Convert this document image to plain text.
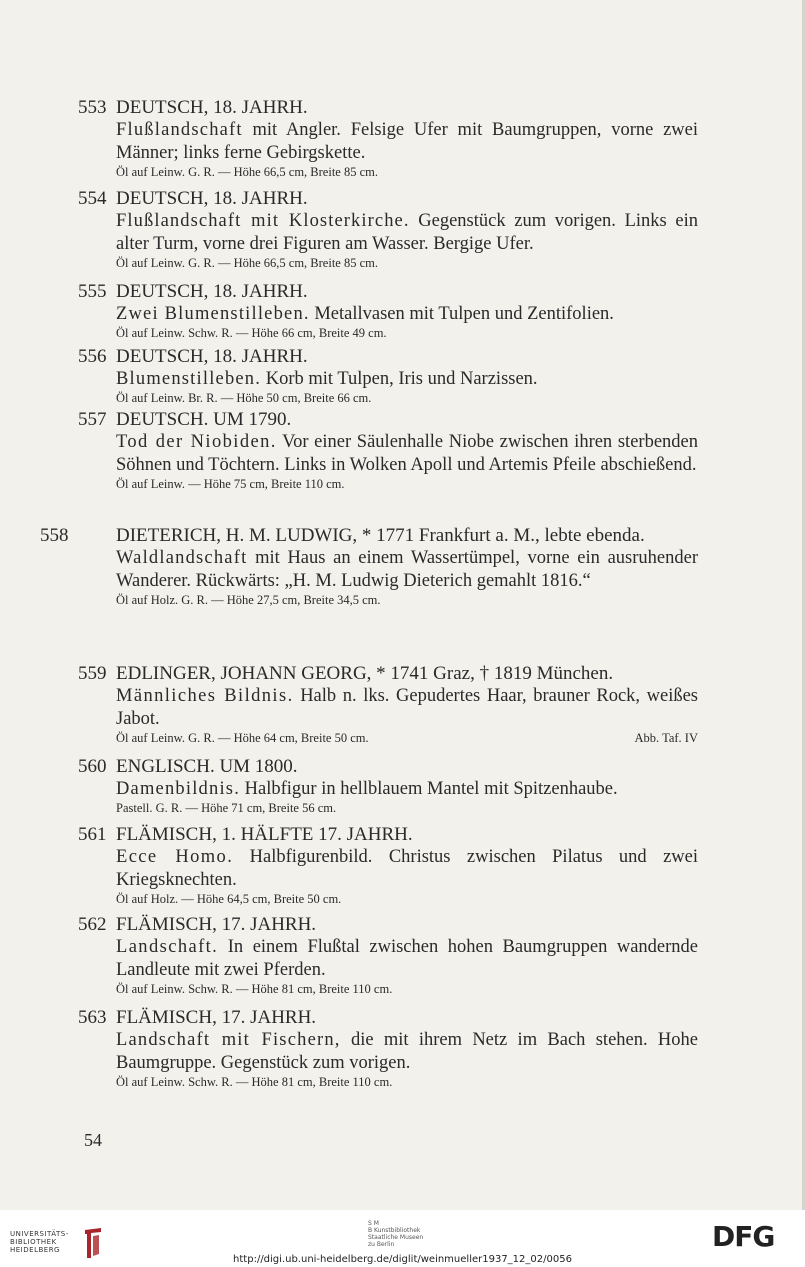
553 DEUTSCH, 18. JAHRH.
Flußlandschaft mit Angler. Felsige Ufer mit Baumgruppen, vorne zwei Männer; links ferne Gebirgskette.
Öl auf Leinw. G. R. — Höhe 66,5 cm, Breite 85 cm.
554 DEUTSCH, 18. JAHRH.
Flußlandschaft mit Klosterkirche. Gegenstück zum vorigen. Links ein alter Turm, vorne drei Figuren am Wasser. Bergige Ufer.
Öl auf Leinw. G. R. — Höhe 66,5 cm, Breite 85 cm.
555 DEUTSCH, 18. JAHRH.
Zwei Blumenstilleben. Metallvasen mit Tulpen und Zentifolien.
Öl auf Leinw. Schw. R. — Höhe 66 cm, Breite 49 cm.
556 DEUTSCH, 18. JAHRH.
Blumenstilleben. Korb mit Tulpen, Iris und Narzissen.
Öl auf Leinw. Br. R. — Höhe 50 cm, Breite 66 cm.
557 DEUTSCH. UM 1790.
Tod der Niobiden. Vor einer Säulenhalle Niobe zwischen ihren sterbenden Söhnen und Töchtern. Links in Wolken Apoll und Artemis Pfeile abschießend.
Öl auf Leinw. — Höhe 75 cm, Breite 110 cm.
558	DIETERICH, H. M. LUDWIG, * 1771 Frankfurt a. M., lebte ebenda.
Waldlandschaft mit Haus an einem Wassertümpel, vorne ein ausruhender Wanderer. Rückwärts: „H. M. Ludwig Dieterich gemahlt 1816.“
Öl auf Holz. G. R. — Höhe 27,5 cm, Breite 34,5 cm.
559 EDLINGER, JOHANN GEORG, * 1741 Graz, † 1819 München.
Männliches Bildnis. Halb n. lks. Gepudertes Haar, brauner Rock, weißes Jabot.
Öl auf Leinw. G. R. — Höhe 64 cm, Breite 50 cm.	Abb. Taf. IV
560 ENGLISCH. UM 1800.
Damenbildnis. Halbfigur in hellblauem Mantel mit Spitzenhaube.
Pastell. G. R. — Höhe 71 cm, Breite 56 cm.
561 FLÄMISCH, 1. HÄLFTE 17. JAHRH.
Ecce Homo. Halbfigurenbild. Christus zwischen Pilatus und zwei Kriegsknechten.
Öl auf Holz. — Höhe 64,5 cm, Breite 50 cm.
562 FLÄMISCH, 17. JAHRH.
Landschaft. In einem Flußtal zwischen hohen Baumgruppen wandernde Landleute mit zwei Pferden.
Öl auf Leinw. Schw. R. — Höhe 81 cm, Breite 110 cm.
563 FLÄMISCH, 17. JAHRH.
Landschaft mit Fischern, die mit ihrem Netz im Bach stehen. Hohe Baumgruppe. Gegenstück zum vorigen.
Öl auf Leinw. Schw. R. — Höhe 81 cm, Breite 110 cm.
54
UNIVERSITÄTS-
BIBLIOTHEK
HEIDELBERG
S M
B Kunstbibliothek
Staatliche Museen
zu Berlin	DFG
http://digi.ub.uni-heidelberg.de/diglit/weinmueller1937_12_02/0056
